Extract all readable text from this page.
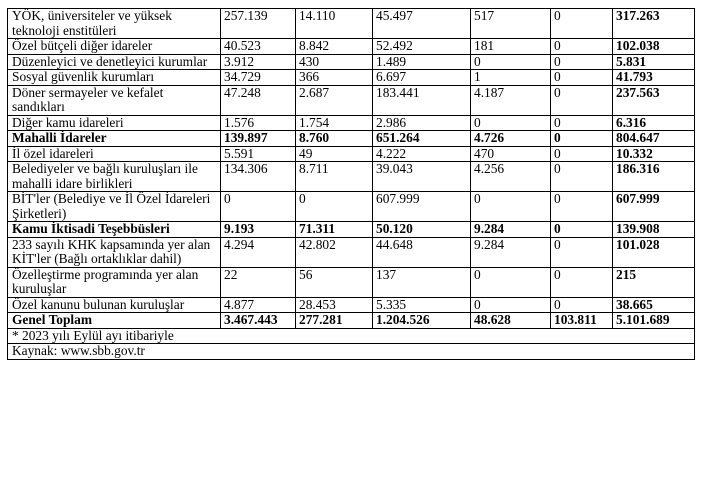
YÖK, üniversiteler ve yüksek teknoloji enstitüleri	257.139	14.110	45.497	517	0	317.263
Özel bütçeli diğer idareler	40.523	8.842	52.492	181	0	102.038
Düzenleyici ve denetleyici kurumlar	3.912	430	1.489	0	0	5.831
Sosyal güvenlik kurumları	34.729	366	6.697	1	0	41.793
Döner sermayeler ve kefalet sandıkları	47.248	2.687	183.441	4.187	0	237.563
Diğer kamu idareleri	1.576	1.754	2.986	0	0	6.316
Mahalli İdareler	139.897	8.760	651.264	4.726	0	804.647
İl özel idareleri	5.591	49	4.222	470	0	10.332
Belediyeler ve bağlı kuruluşları ile mahalli idare birlikleri	134.306	8.711	39.043	4.256	0	186.316
BİT'ler (Belediye ve İl Özel İdareleri Şirketleri)	0	0	607.999	0	0	607.999
Kamu İktisadi Teşebbüsleri	9.193	71.311	50.120	9.284	0	139.908
233 sayılı KHK kapsamında yer alan KİT'ler (Bağlı ortaklıklar dahil)	4.294	42.802	44.648	9.284	0	101.028
Özelleştirme programında yer alan kuruluşlar	22	56	137	0	0	215
Özel kanunu bulunan kuruluşlar	4.877	28.453	5.335	0	0	38.665
Genel Toplam	3.467.443	277.281	1.204.526	48.628	103.811	5.101.689
* 2023 yılı Eylül ayı itibariyle						
Kaynak: www.sbb.gov.tr						
